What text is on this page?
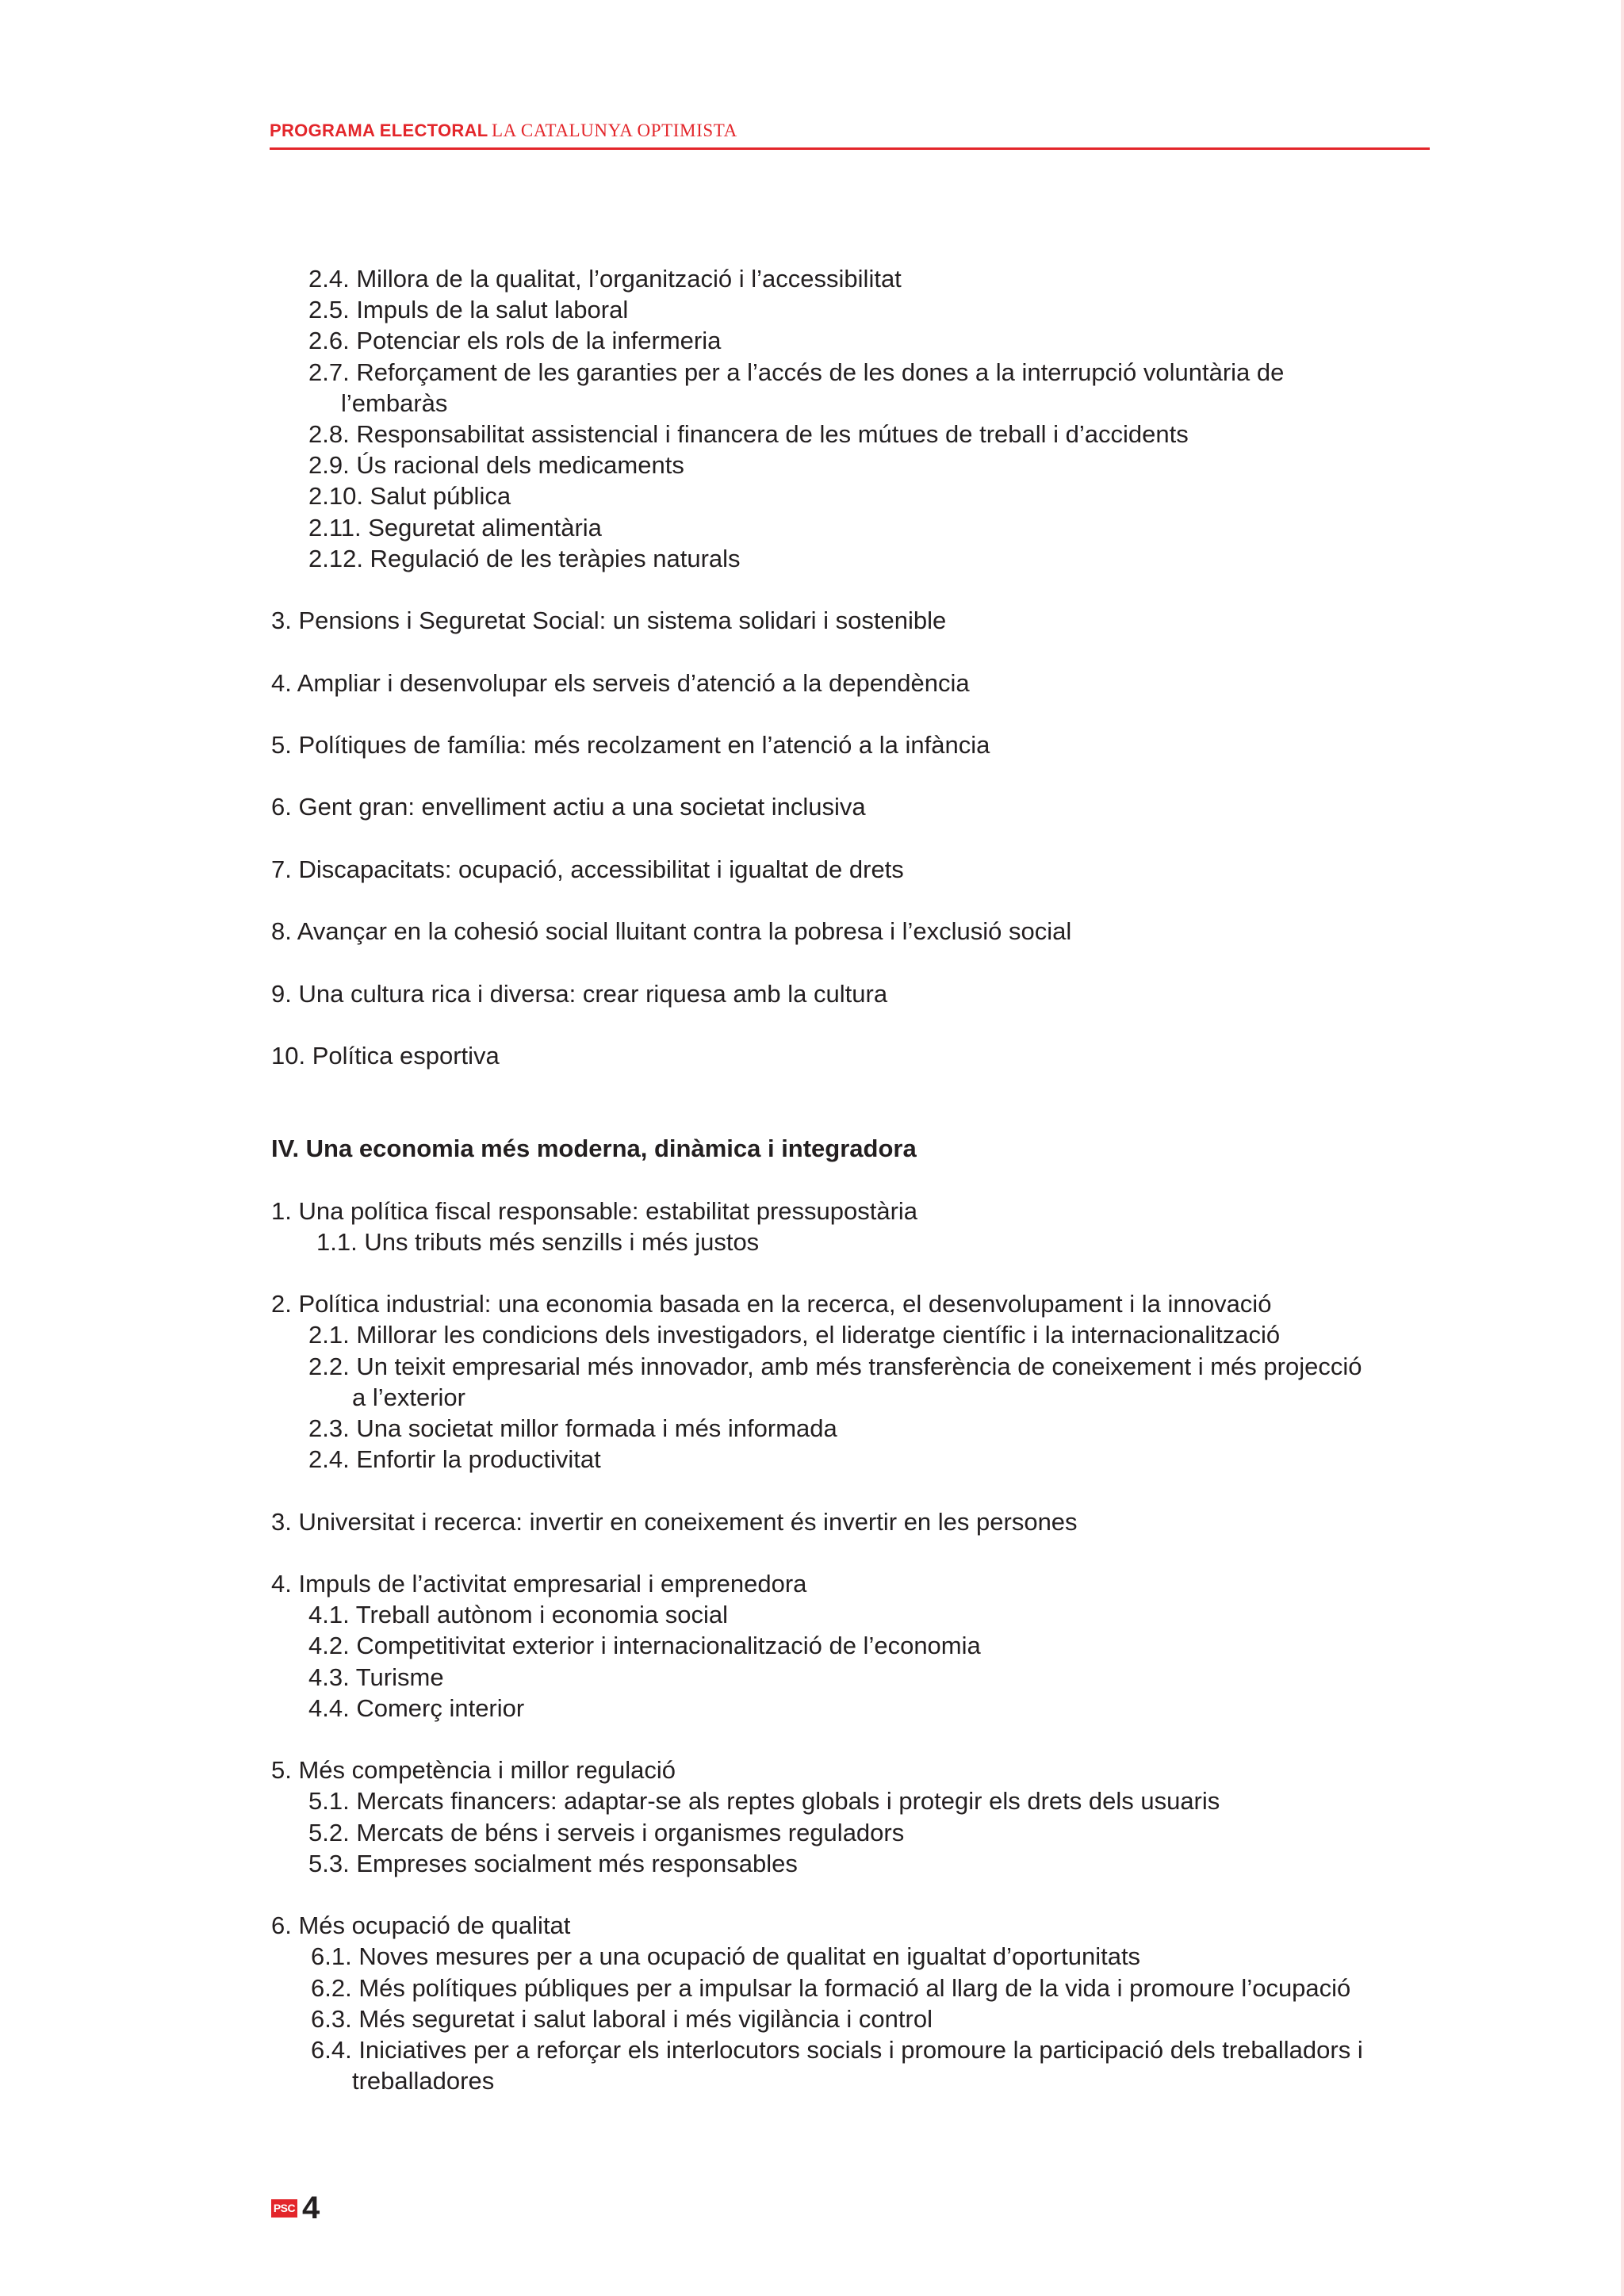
PROGRAMA ELECTORAL LA CATALUNYA OPTIMISTA
2.4. Millora de la qualitat, l’organització i l’accessibilitat
2.5. Impuls de la salut laboral
2.6. Potenciar els rols de la infermeria
2.7. Reforçament de les garanties per a l’accés de les dones a la interrupció voluntària de
l’embaràs
2.8. Responsabilitat assistencial i financera de les mútues de treball i d’accidents
2.9. Ús racional dels medicaments
2.10. Salut pública
2.11. Seguretat alimentària
2.12. Regulació de les teràpies naturals
3. Pensions i Seguretat Social: un sistema solidari i sostenible
4. Ampliar i desenvolupar els serveis d’atenció a la dependència
5. Polítiques de família: més recolzament en l’atenció a la infància
6. Gent gran: envelliment actiu a una societat inclusiva
7. Discapacitats: ocupació, accessibilitat i igualtat de drets
8. Avançar en la cohesió social lluitant contra la pobresa i l’exclusió social
9. Una cultura rica i diversa: crear riquesa amb la cultura
10. Política esportiva
IV. Una economia més moderna, dinàmica i integradora
1. Una política fiscal responsable: estabilitat pressupostària
1.1. Uns tributs més senzills i més justos
2. Política industrial: una economia basada en la recerca, el desenvolupament i la innovació
2.1. Millorar les condicions dels investigadors, el lideratge científic i la internacionalització
2.2. Un teixit empresarial més innovador, amb més transferència de coneixement i més projecció
a l’exterior
2.3. Una societat millor formada i més informada
2.4. Enfortir la productivitat
3. Universitat i recerca: invertir en coneixement és invertir en les persones
4. Impuls de l’activitat empresarial i emprenedora
4.1. Treball autònom i economia social
4.2. Competitivitat exterior i internacionalització de l’economia
4.3. Turisme
4.4. Comerç interior
5. Més competència i millor regulació
5.1. Mercats financers: adaptar-se als reptes globals i protegir els drets dels usuaris
5.2. Mercats de béns i serveis i organismes reguladors
5.3. Empreses socialment més responsables
6. Més ocupació de qualitat
6.1. Noves mesures per a una ocupació de qualitat en igualtat d’oportunitats
6.2. Més polítiques públiques per a impulsar la formació al llarg de la vida i promoure l’ocupació
6.3. Més seguretat i salut laboral i més vigilància i control
6.4. Iniciatives per a reforçar els interlocutors socials i promoure la participació dels treballadors i
treballadores
PSC 4
